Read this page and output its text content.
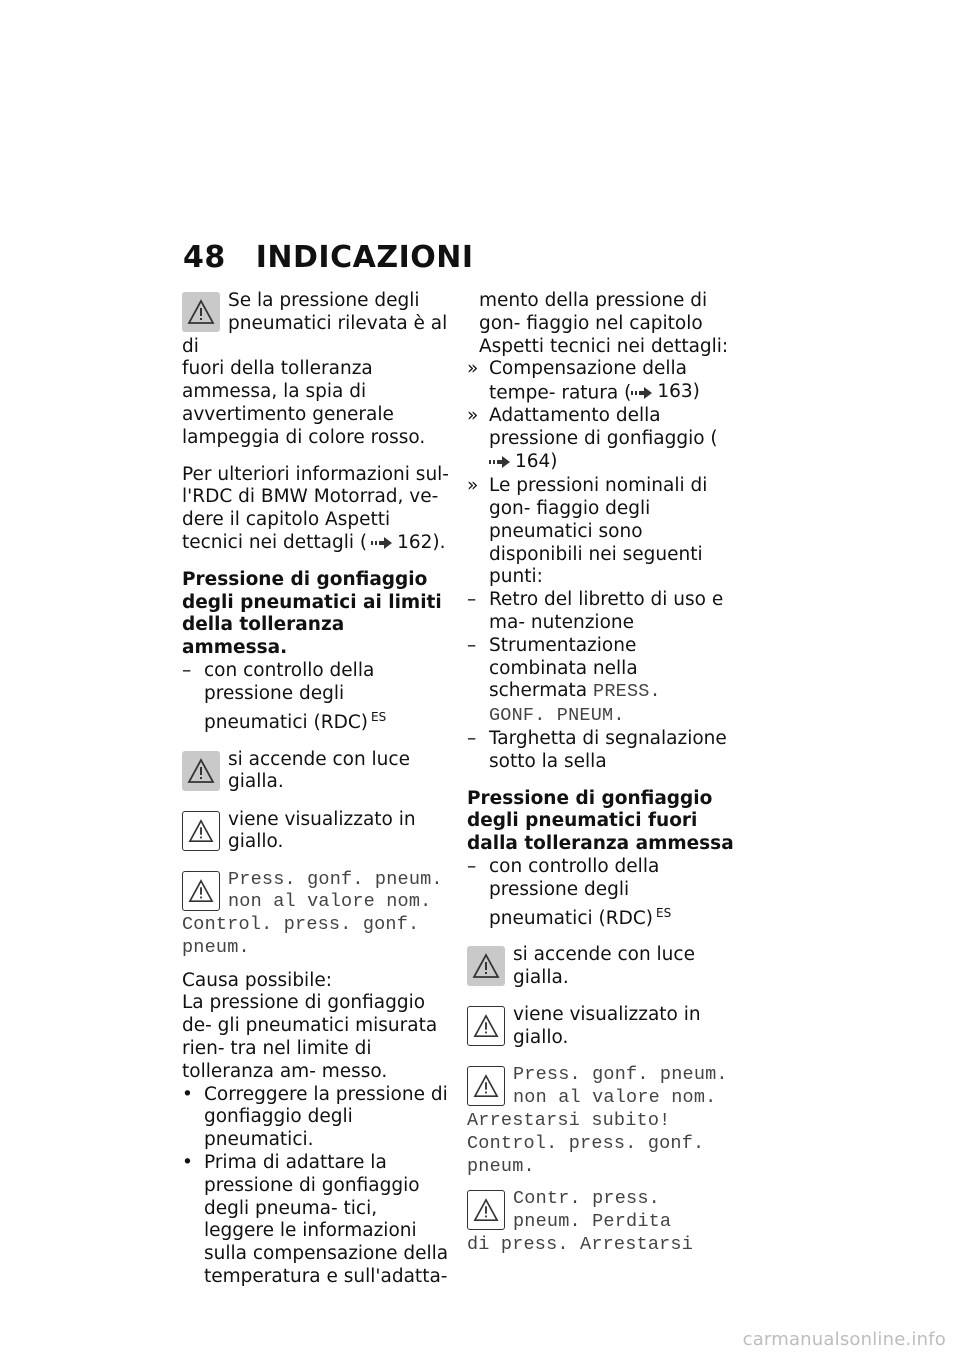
48 INDICAZIONI
Se la pressione degli
pneumatici rilevata è al di
fuori della tolleranza ammessa, la spia di avvertimento generale lampeggia di colore rosso.

Per ulteriori informazioni sul- l'RDC di BMW Motorrad, ve- dere il capitolo Aspetti tecnici nei dettagli ( 162).

Pressione di gonfiaggio degli pneumatici ai limiti della tolleranza ammessa.
– con controllo della pressione degli pneumatici (RDC) $^{ES}$
si accende con luce gialla.
viene visualizzato in giallo.
Press. gonf. pneum.
non al valore nom.
Control. press. gonf.
pneum.
Causa possibile:
La pressione di gonfiaggio de- gli pneumatici misurata rien- tra nel limite di tolleranza am- messo.
• Correggere la pressione di gonfiaggio degli pneumatici.
• Prima di adattare la pressione di gonfiaggio degli pneuma- tici, leggere le informazioni sulla compensazione della temperatura e sull'adatta-
mento della pressione di gon- fiaggio nel capitolo Aspetti tecnici nei dettagli:
» Compensazione della tempe- ratura ( 163)
» Adattamento della pressione di gonfiaggio (
164)
» Le pressioni nominali di gon- fiaggio degli pneumatici sono disponibili nei seguenti punti:
– Retro del libretto di uso e ma- nutenzione
– Strumentazione combinata nella schermata PRESS.
GONF. PNEUM.
– Targhetta di segnalazione sotto la sella
Pressione di gonfiaggio degli pneumatici fuori dalla tolleranza ammessa
– con controllo della pressione degli pneumatici (RDC) $^{ES}$
si accende con luce gialla.
viene visualizzato in giallo.
Press. gonf. pneum.
non al valore nom.
Arrestarsi subito!
Control. press. gonf.
pneum.
Contr. press.
pneum. Perdita
di press. Arrestarsi
carmanualsonline.info
